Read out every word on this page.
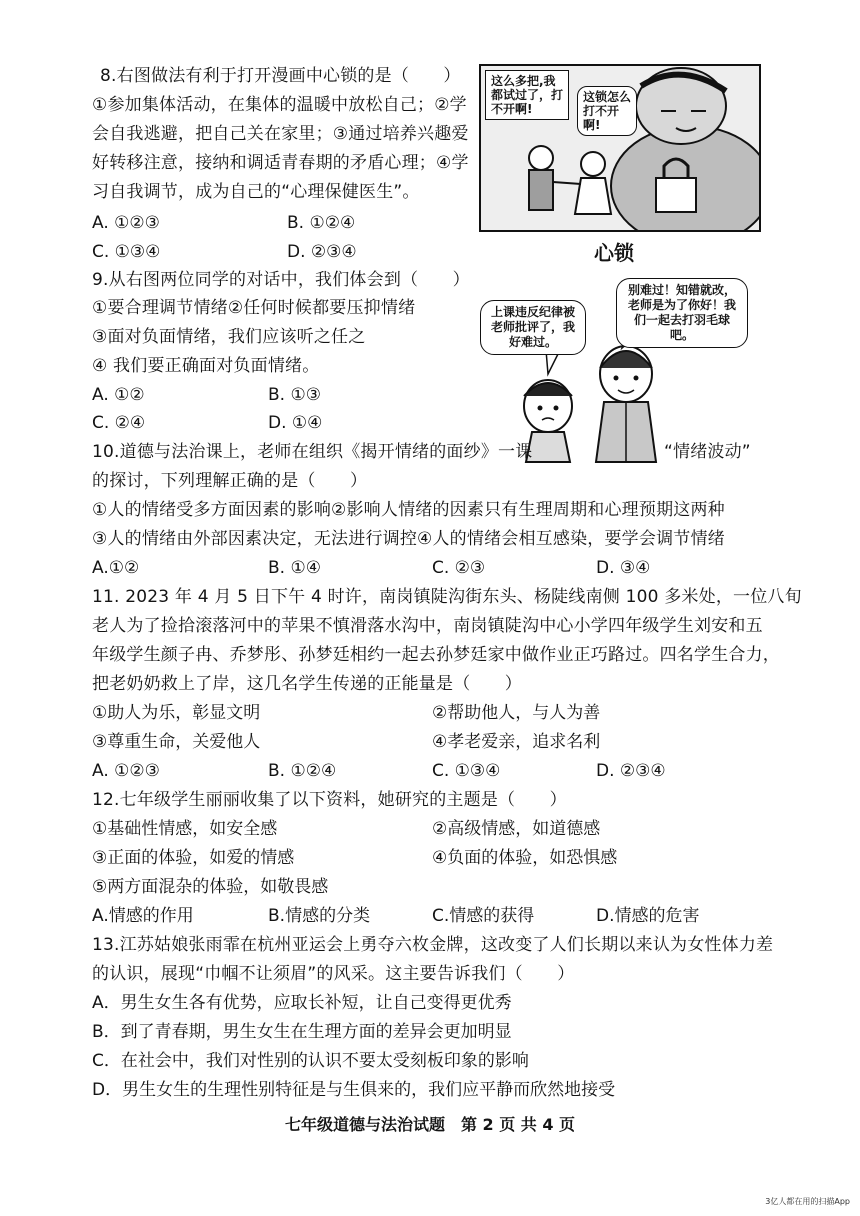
8.右图做法有利于打开漫画中心锁的是（　　）
①参加集体活动，在集体的温暖中放松自己；②学
会自我逃避，把自己关在家里；③通过培养兴趣爱
好转移注意，接纳和调适青春期的矛盾心理；④学
习自我调节，成为自己的“心理保健医生”。
A. ①②③	B. ①②④
C. ①③④	D. ②③④
这么多把,我都试过了，打不开啊!
这锁怎么打不开啊!
心锁
9.从右图两位同学的对话中，我们体会到（　　）
①要合理调节情绪②任何时候都要压抑情绪
③面对负面情绪，我们应该听之任之
④ 我们要正确面对负面情绪。
A. ①②	B. ①③
C. ②④	D. ①④
上课违反纪律被老师批评了，我好难过。
别难过！知错就改，老师是为了你好！我们一起去打羽毛球吧。
10.道德与法治课上，老师在组织《揭开情绪的面纱》一课	“情绪波动”
的探讨，下列理解正确的是（　　）
①人的情绪受多方面因素的影响②影响人情绪的因素只有生理周期和心理预期这两种
③人的情绪由外部因素决定，无法进行调控④人的情绪会相互感染，要学会调节情绪
A.①②	B. ①④	C. ②③	D. ③④
11. 2023 年 4 月 5 日下午 4 时许，南岗镇陡沟街东头、杨陡线南侧 100 多米处，一位八旬
老人为了捡拾滚落河中的苹果不慎滑落水沟中，南岗镇陡沟中心小学四年级学生刘安和五
年级学生颜子冉、乔梦彤、孙梦廷相约一起去孙梦廷家中做作业正巧路过。四名学生合力，
把老奶奶救上了岸，这几名学生传递的正能量是（　　）
①助人为乐，彰显文明	②帮助他人，与人为善
③尊重生命，关爱他人	④孝老爱亲，追求名利
A. ①②③	B. ①②④	C. ①③④	D. ②③④
12.七年级学生丽丽收集了以下资料，她研究的主题是（　　）
①基础性情感，如安全感	②高级情感，如道德感
③正面的体验，如爱的情感	④负面的体验，如恐惧感
⑤两方面混杂的体验，如敬畏感
A.情感的作用	B.情感的分类	C.情感的获得	D.情感的危害
13.江苏姑娘张雨霏在杭州亚运会上勇夺六枚金牌，这改变了人们长期以来认为女性体力差
的认识，展现“巾帼不让须眉”的风采。这主要告诉我们（　　）
A．男生女生各有优势，应取长补短，让自己变得更优秀
B．到了青春期，男生女生在生理方面的差异会更加明显
C．在社会中，我们对性别的认识不要太受刻板印象的影响
D．男生女生的生理性别特征是与生俱来的，我们应平静而欣然地接受
七年级道德与法治试题　第 2 页 共 4 页
3亿人都在用的扫描App
